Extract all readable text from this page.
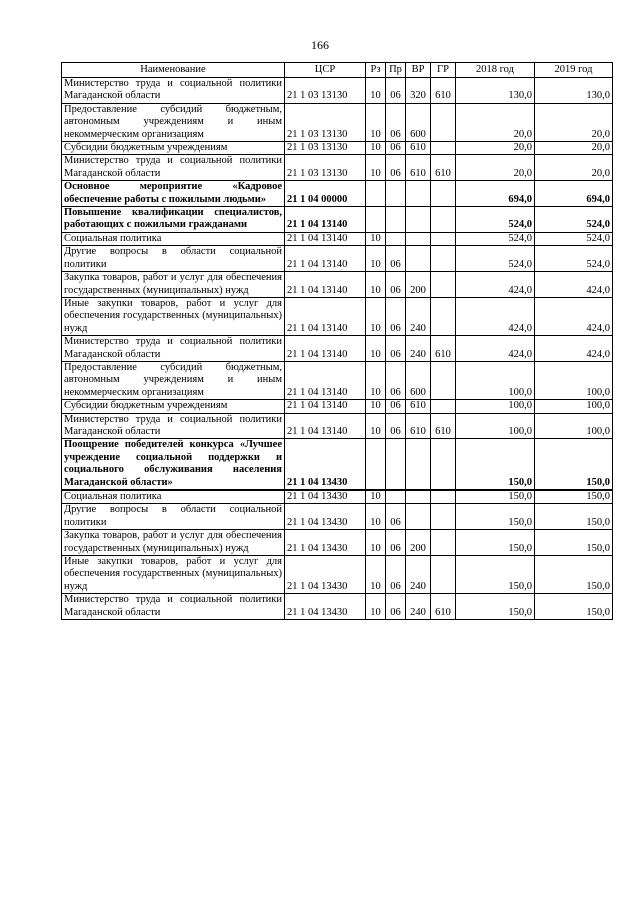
166
Наименование	ЦСР	Рз	Пр	ВР	ГР	2018 год	2019 год
Министерство труда и социальной политики Магаданской области	21 1 03 13130	10	06	320	610	130,0	130,0
Предоставление субсидий бюджетным, автономным учреждениям и иным некоммерческим организациям	21 1 03 13130	10	06	600		20,0	20,0
Субсидии бюджетным учреждениям	21 1 03 13130	10	06	610		20,0	20,0
Министерство труда и социальной политики Магаданской области	21 1 03 13130	10	06	610	610	20,0	20,0
Основное мероприятие «Кадровое обеспечение работы с пожилыми людьми»	21 1 04 00000					694,0	694,0
Повышение квалификации специалистов, работающих с пожилыми гражданами	21 1 04 13140					524,0	524,0
Социальная политика	21 1 04 13140	10				524,0	524,0
Другие вопросы в области социальной политики	21 1 04 13140	10	06			524,0	524,0
Закупка товаров, работ и услуг для обеспечения государственных (муниципальных) нужд	21 1 04 13140	10	06	200		424,0	424,0
Иные закупки товаров, работ и услуг для обеспечения государственных (муниципальных) нужд	21 1 04 13140	10	06	240		424,0	424,0
Министерство труда и социальной политики Магаданской области	21 1 04 13140	10	06	240	610	424,0	424,0
Предоставление субсидий бюджетным, автономным учреждениям и иным некоммерческим организациям	21 1 04 13140	10	06	600		100,0	100,0
Субсидии бюджетным учреждениям	21 1 04 13140	10	06	610		100,0	100,0
Министерство труда и социальной политики Магаданской области	21 1 04 13140	10	06	610	610	100,0	100,0
Поощрение победителей конкурса «Лучшее учреждение социальной поддержки и социального обслуживания населения Магаданской области»	21 1 04 13430					150,0	150,0
Социальная политика	21 1 04 13430	10				150,0	150,0
Другие вопросы в области социальной политики	21 1 04 13430	10	06			150,0	150,0
Закупка товаров, работ и услуг для обеспечения государственных (муниципальных) нужд	21 1 04 13430	10	06	200		150,0	150,0
Иные закупки товаров, работ и услуг для обеспечения государственных (муниципальных) нужд	21 1 04 13430	10	06	240		150,0	150,0
Министерство труда и социальной политики Магаданской области	21 1 04 13430	10	06	240	610	150,0	150,0
